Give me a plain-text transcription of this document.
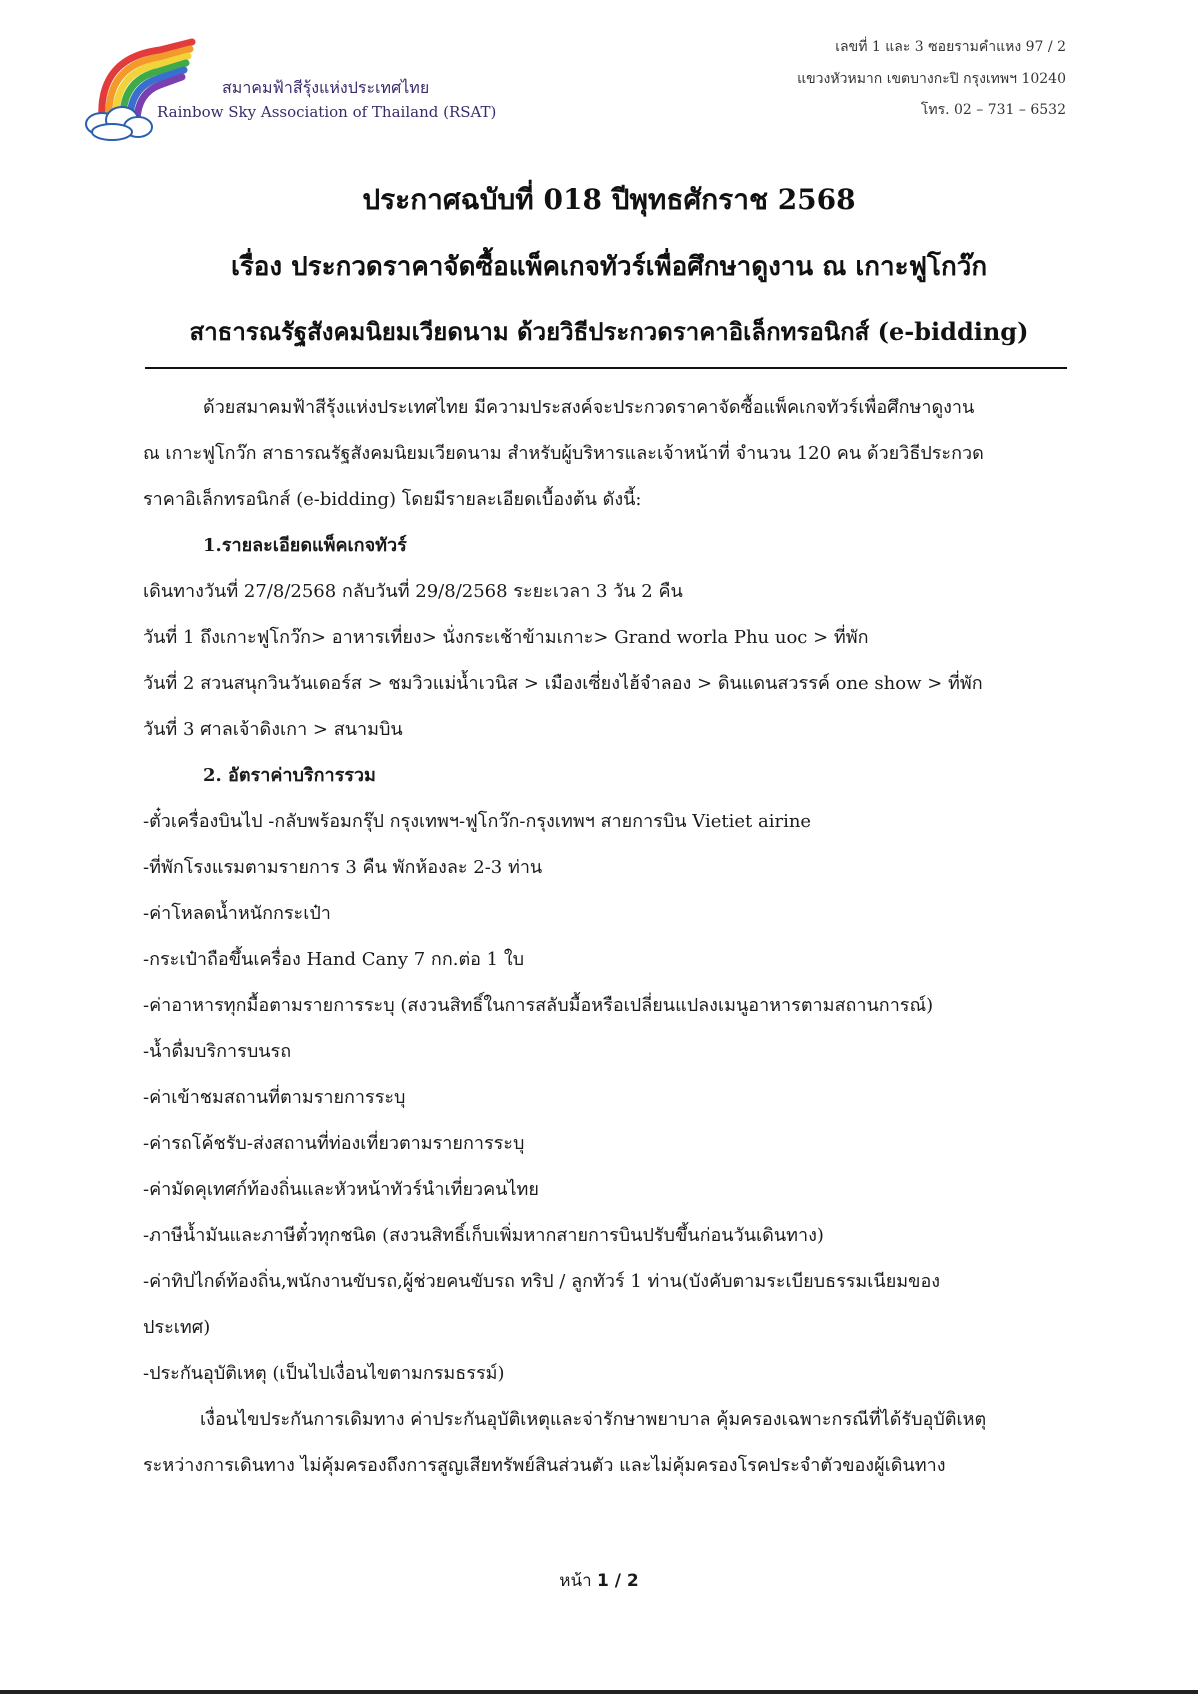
สมาคมฟ้าสีรุ้งแห่งประเทศไทย
Rainbow Sky Association of Thailand (RSAT)
เลขที่ 1 และ 3 ซอยรามคำแหง 97 / 2
แขวงหัวหมาก เขตบางกะปิ กรุงเทพฯ 10240
โทร. 02 – 731 – 6532
ประกาศฉบับที่ 018 ปีพุทธศักราช 2568
เรื่อง ประกวดราคาจัดซื้อแพ็คเกจทัวร์เพื่อศึกษาดูงาน ณ เกาะฟูโกว๊ก
สาธารณรัฐสังคมนิยมเวียดนาม ด้วยวิธีประกวดราคาอิเล็กทรอนิกส์ (e-bidding)
ด้วยสมาคมฟ้าสีรุ้งแห่งประเทศไทย มีความประสงค์จะประกวดราคาจัดซื้อแพ็คเกจทัวร์เพื่อศึกษาดูงาน
ณ เกาะฟูโกว๊ก สาธารณรัฐสังคมนิยมเวียดนาม สำหรับผู้บริหารและเจ้าหน้าที่ จำนวน 120 คน ด้วยวิธีประกวด
ราคาอิเล็กทรอนิกส์ (e-bidding) โดยมีรายละเอียดเบื้องต้น ดังนี้:
1.รายละเอียดแพ็คเกจทัวร์
เดินทางวันที่ 27/8/2568 กลับวันที่ 29/8/2568 ระยะเวลา 3 วัน 2 คืน
วันที่ 1 ถึงเกาะฟูโกว๊ก> อาหารเที่ยง> นั่งกระเช้าข้ามเกาะ> Grand worla Phu uoc > ที่พัก
วันที่ 2 สวนสนุกวินวันเดอร์ส > ชมวิวแม่น้ำเวนิส > เมืองเซี่ยงไฮ้จำลอง > ดินแดนสวรรค์ one show > ที่พัก
วันที่ 3 ศาลเจ้าดิงเกา > สนามบิน
2. อัตราค่าบริการรวม
-ตั๋วเครื่องบินไป -กลับพร้อมกรุ๊ป กรุงเทพฯ-ฟูโกว๊ก-กรุงเทพฯ สายการบิน Vietiet airine
-ที่พักโรงแรมตามรายการ 3 คืน พักห้องละ 2-3 ท่าน
-ค่าโหลดน้ำหนักกระเป๋า
-กระเป๋าถือขึ้นเครื่อง Hand Cany 7 กก.ต่อ 1 ใบ
-ค่าอาหารทุกมื้อตามรายการระบุ (สงวนสิทธิ์ในการสลับมื้อหรือเปลี่ยนแปลงเมนูอาหารตามสถานการณ์)
-น้ำดื่มบริการบนรถ
-ค่าเข้าชมสถานที่ตามรายการระบุ
-ค่ารถโค้ชรับ-ส่งสถานที่ท่องเที่ยวตามรายการระบุ
-ค่ามัดคุเทศก์ท้องถิ่นและหัวหน้าทัวร์นำเที่ยวคนไทย
-ภาษีน้ำมันและภาษีตั๋วทุกชนิด (สงวนสิทธิ์เก็บเพิ่มหากสายการบินปรับขึ้นก่อนวันเดินทาง)
-ค่าทิปไกด์ท้องถิ่น,พนักงานขับรถ,ผู้ช่วยคนขับรถ ทริป / ลูกทัวร์ 1 ท่าน(บังคับตามระเบียบธรรมเนียมของ
ประเทศ)
-ประกันอุบัติเหตุ (เป็นไปเงื่อนไขตามกรมธรรม์)
เงื่อนไขประกันการเดิมทาง ค่าประกันอุบัติเหตุและจ่ารักษาพยาบาล คุ้มครองเฉพาะกรณีที่ได้รับอุบัติเหตุ
ระหว่างการเดินทาง ไม่คุ้มครองถึงการสูญเสียทรัพย์สินส่วนตัว และไม่คุ้มครองโรคประจำตัวของผู้เดินทาง
หน้า 1 / 2
